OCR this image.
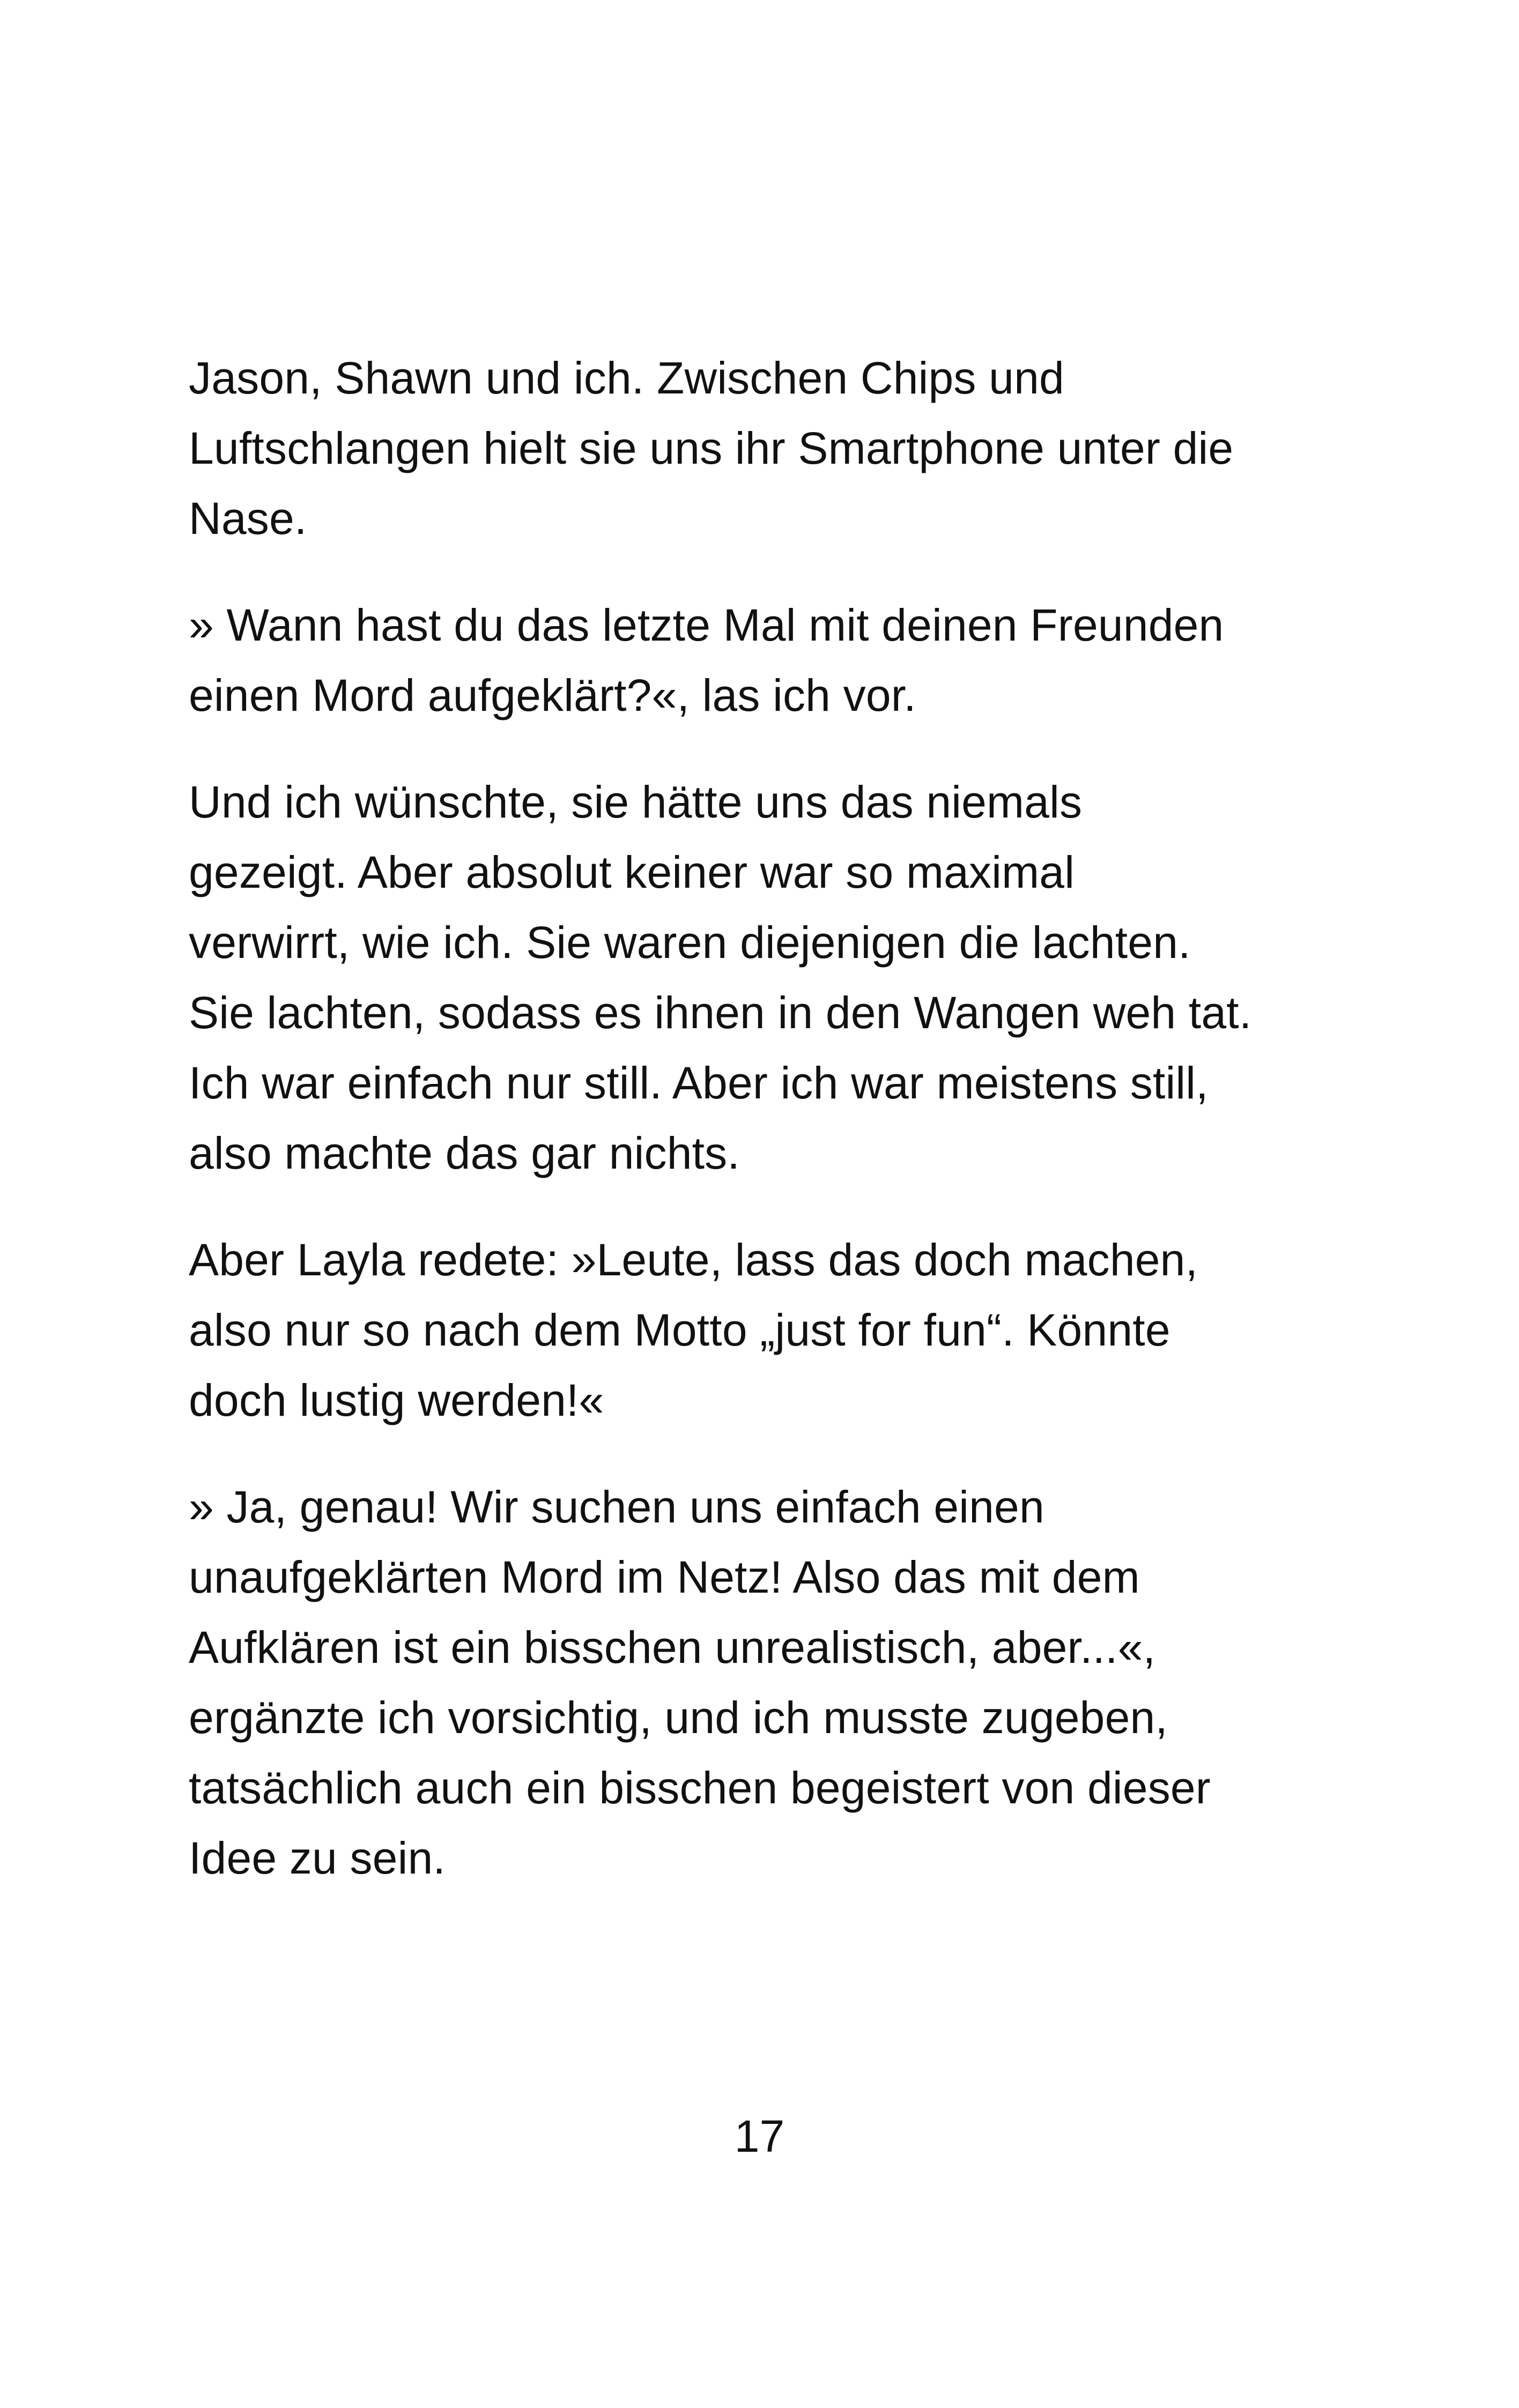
Jason, Shawn und ich. Zwischen Chips und
Luftschlangen hielt sie uns ihr Smartphone unter die
Nase.

» Wann hast du das letzte Mal mit deinen Freunden
einen Mord aufgeklärt?«, las ich vor.

Und ich wünschte, sie hätte uns das niemals
gezeigt. Aber absolut keiner war so maximal
verwirrt, wie ich. Sie waren diejenigen die lachten.
Sie lachten, sodass es ihnen in den Wangen weh tat.
Ich war einfach nur still. Aber ich war meistens still,
also machte das gar nichts.

Aber Layla redete: »Leute, lass das doch machen,
also nur so nach dem Motto „just for fun“. Könnte
doch lustig werden!«

» Ja, genau! Wir suchen uns einfach einen
unaufgeklärten Mord im Netz! Also das mit dem
Aufklären ist ein bisschen unrealistisch, aber...«,
ergänzte ich vorsichtig, und ich musste zugeben,
tatsächlich auch ein bisschen begeistert von dieser
Idee zu sein.

17
